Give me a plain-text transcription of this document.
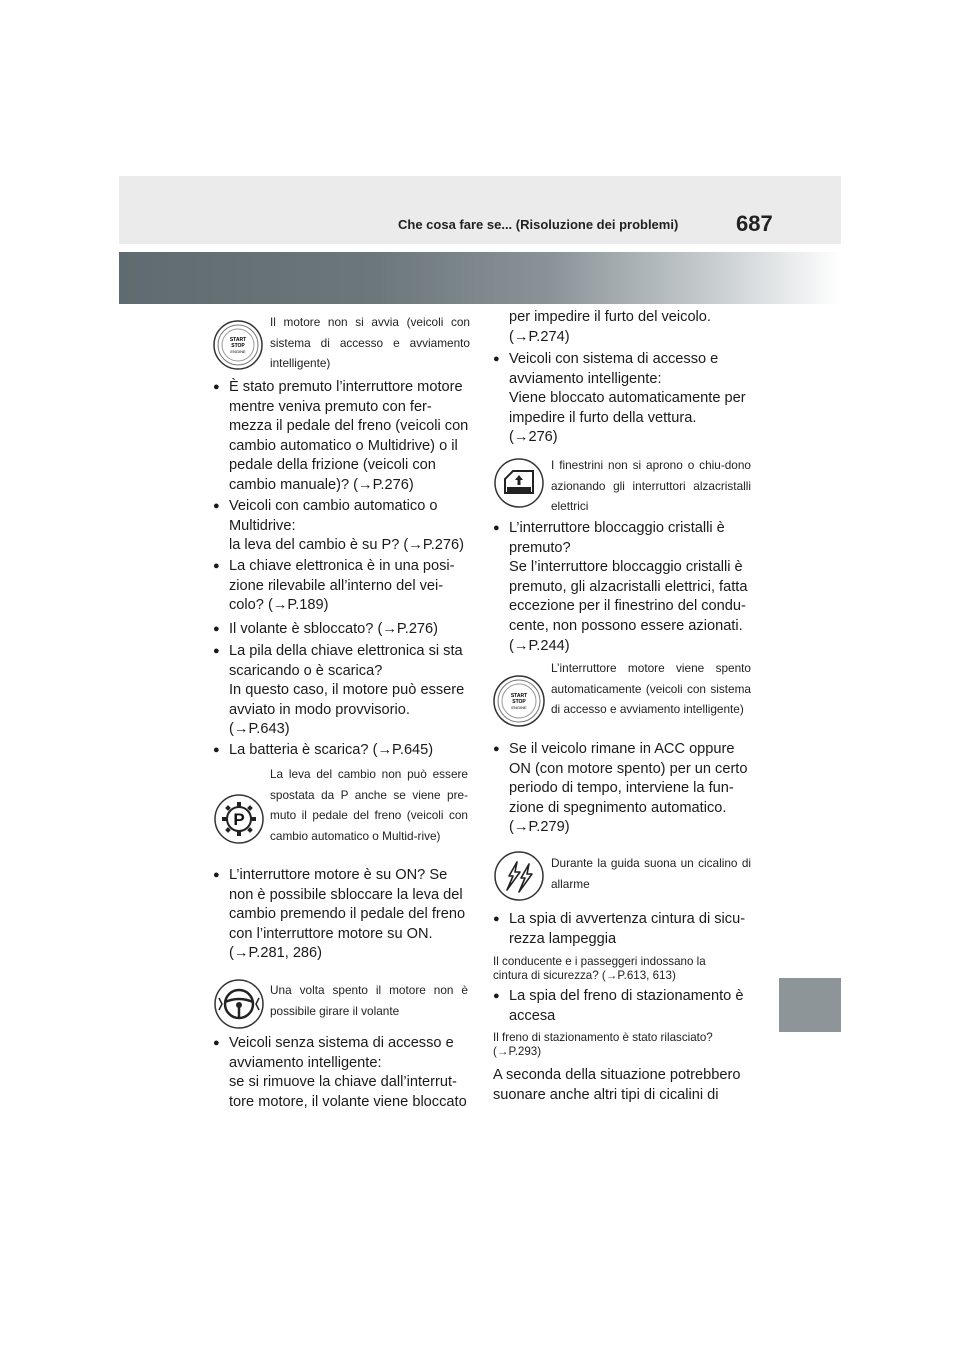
Che cosa fare se... (Risoluzione dei problemi)	687
START
STOP
ENGINE
Il motore non si avvia (veicoli con sistema di accesso e avviamento intelligente)
● È stato premuto l’interruttore motore
mentre veniva premuto con fer-
mezza il pedale del freno (veicoli con
cambio automatico o Multidrive) o il
pedale della frizione (veicoli con
cambio manuale)? (→P.276)
● Veicoli con cambio automatico o
Multidrive:
la leva del cambio è su P? (→P.276)
● La chiave elettronica è in una posi-
zione rilevabile all’interno del vei-
colo? (→P.189)
● Il volante è sbloccato? (→P.276)
● La pila della chiave elettronica si sta
scaricando o è scarica?
In questo caso, il motore può essere
avviato in modo provvisorio.
(→P.643)
● La batteria è scarica? (→P.645)
P
La leva del cambio non può essere spostata da P anche se viene pre-muto il pedale del freno (veicoli con cambio automatico o Multid-rive)
● L’interruttore motore è su ON? Se
non è possibile sbloccare la leva del
cambio premendo il pedale del freno
con l’interruttore motore su ON.
(→P.281, 286)
Una volta spento il motore non è possibile girare il volante
● Veicoli senza sistema di accesso e
avviamento intelligente:
se si rimuove la chiave dall’interrut-
tore motore, il volante viene bloccato
per impedire il furto del veicolo.
(→P.274)
● Veicoli con sistema di accesso e
avviamento intelligente:
Viene bloccato automaticamente per
impedire il furto della vettura.
(→276)
I finestrini non si aprono o chiu-dono azionando gli interruttori alzacristalli elettrici
● L’interruttore bloccaggio cristalli è
premuto?
Se l’interruttore bloccaggio cristalli è
premuto, gli alzacristalli elettrici, fatta
eccezione per il finestrino del condu-
cente, non possono essere azionati.
(→P.244)
START
STOP
ENGINE
L’interruttore motore viene spento automaticamente (veicoli con sistema di accesso e avviamento intelligente)
● Se il veicolo rimane in ACC oppure
ON (con motore spento) per un certo
periodo di tempo, interviene la fun-
zione di spegnimento automatico.
(→P.279)
Durante la guida suona un cicalino di allarme
● La spia di avvertenza cintura di sicu-
rezza lampeggia
Il conducente e i passeggeri indossano la
cintura di sicurezza? (→P.613, 613)
● La spia del freno di stazionamento è
accesa
Il freno di stazionamento è stato rilasciato?
(→P.293)
A seconda della situazione potrebbero
suonare anche altri tipi di cicalini di
